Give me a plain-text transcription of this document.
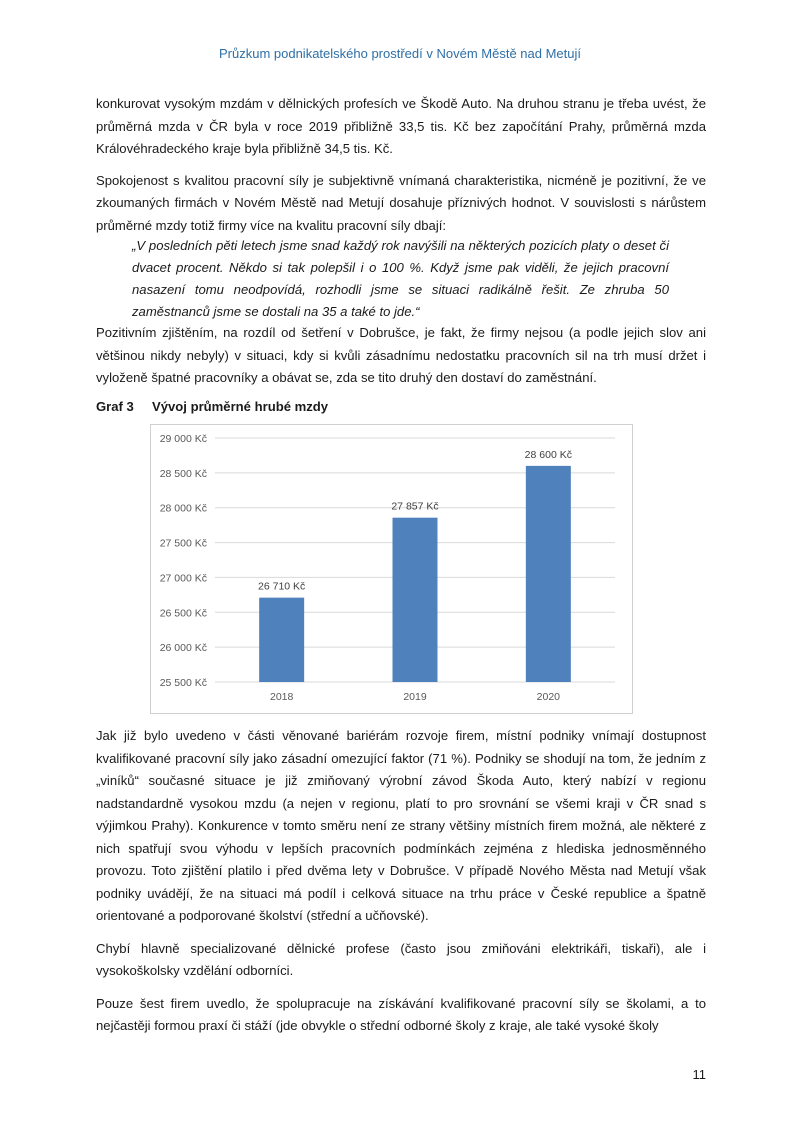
Průzkum podnikatelského prostředí v Novém Městě nad Metují

konkurovat vysokým mzdám v dělnických profesích ve Škodě Auto. Na druhou stranu je třeba uvést, že průměrná mzda v ČR byla v roce 2019 přibližně 33,5 tis. Kč bez započítání Prahy, průměrná mzda Královéhradeckého kraje byla přibližně 34,5 tis. Kč.

Spokojenost s kvalitou pracovní síly je subjektivně vnímaná charakteristika, nicméně je pozitivní, že ve zkoumaných firmách v Novém Městě nad Metují dosahuje příznivých hodnot. V souvislosti s nárůstem průměrné mzdy totiž firmy více na kvalitu pracovní síly dbají:

„V posledních pěti letech jsme snad každý rok navýšili na některých pozicích platy o deset či dvacet procent. Někdo si tak polepšil i o 100 %. Když jsme pak viděli, že jejich pracovní nasazení tomu neodpovídá, rozhodli jsme se situaci radikálně řešit. Ze zhruba 50 zaměstnanců jsme se dostali na 35 a také to jde.“
Pozitivním zjištěním, na rozdíl od šetření v Dobrušce, je fakt, že firmy nejsou (a podle jejich slov ani většinou nikdy nebyly) v situaci, kdy si kvůli zásadnímu nedostatku pracovních sil na trh musí držet i vyloženě špatné pracovníky a obávat se, zda se tito druhý den dostaví do zaměstnání.
Graf 3 Vývoj průměrné hrubé mzdy
25 500 Kč
26 000 Kč
26 500 Kč
27 000 Kč
27 500 Kč
28 000 Kč
28 500 Kč
29 000 Kč
26 710 Kč
2018
27 857 Kč
2019
28 600 Kč
2020

Jak již bylo uvedeno v části věnované bariérám rozvoje firem, místní podniky vnímají dostupnost kvalifikované pracovní síly jako zásadní omezující faktor (71 %). Podniky se shodují na tom, že jedním z „viníků“ současné situace je již zmiňovaný výrobní závod Škoda Auto, který nabízí v regionu nadstandardně vysokou mzdu (a nejen v regionu, platí to pro srovnání se všemi kraji v ČR snad s výjimkou Prahy). Konkurence v tomto směru není ze strany většiny místních firem možná, ale některé z nich spatřují svou výhodu v lepších pracovních podmínkách zejména z hlediska jednosměnného provozu. Toto zjištění platilo i před dvěma lety v Dobrušce. V případě Nového Města nad Metují však podniky uvádějí, že na situaci má podíl i celková situace na trhu práce v České republice a špatně orientované a podporované školství (střední a učňovské).

Chybí hlavně specializované dělnické profese (často jsou zmiňováni elektrikáři, tiskaři), ale i vysokoškolsky vzdělání odborníci.

Pouze šest firem uvedlo, že spolupracuje na získávání kvalifikované pracovní síly se školami, a to nejčastěji formou praxí či stáží (jde obvykle o střední odborné školy z kraje, ale také vysoké školy

11
